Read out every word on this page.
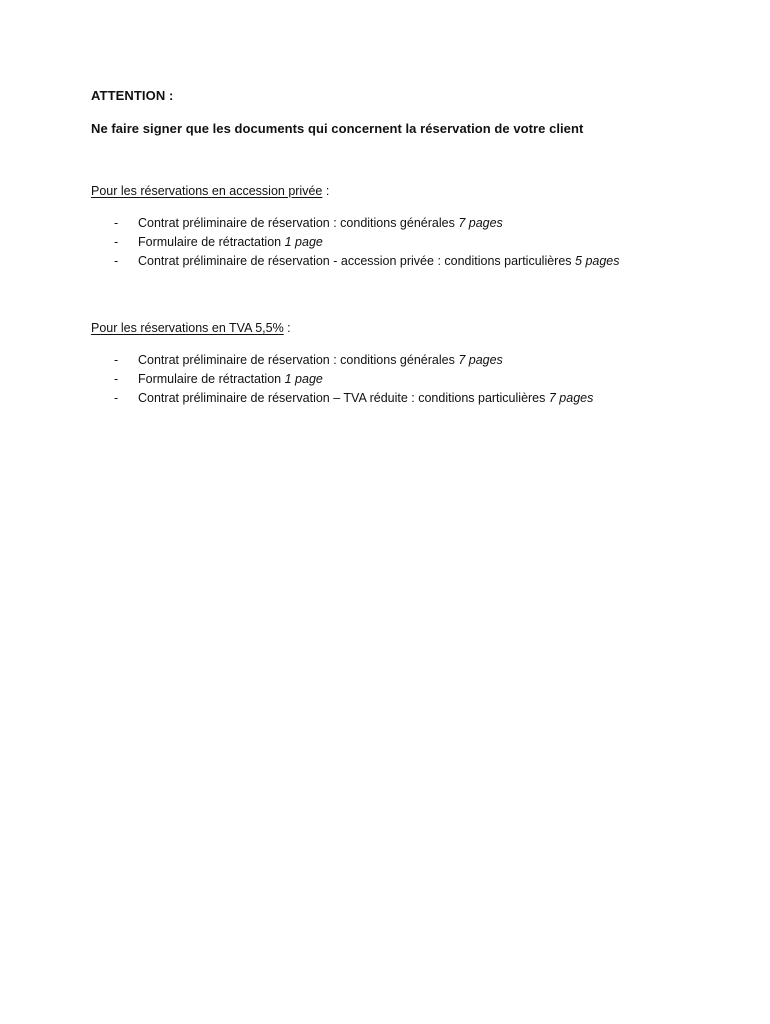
ATTENTION :
Ne faire signer que les documents qui concernent la réservation de votre client
Pour les réservations en accession privée :
- Contrat préliminaire de réservation : conditions générales 7 pages
- Formulaire de rétractation 1 page
- Contrat préliminaire de réservation - accession privée : conditions particulières 5 pages
Pour les réservations en TVA 5,5% :
- Contrat préliminaire de réservation : conditions générales 7 pages
- Formulaire de rétractation 1 page
- Contrat préliminaire de réservation – TVA réduite : conditions particulières 7 pages
